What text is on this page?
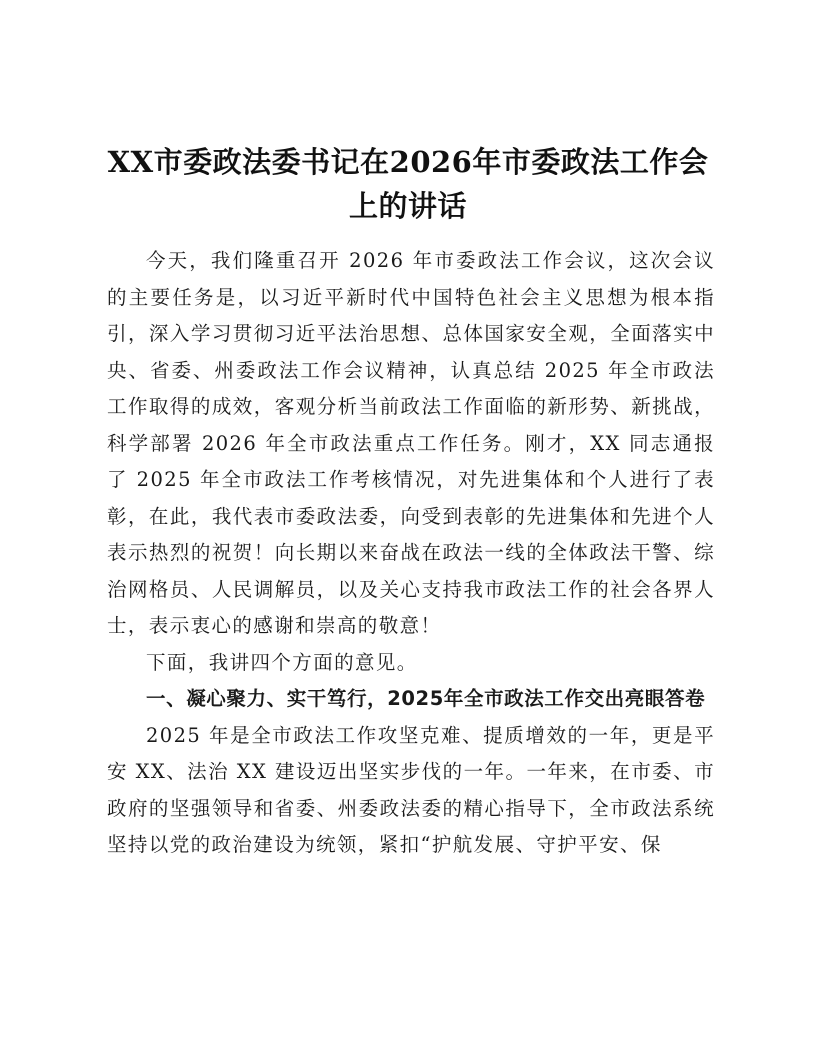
XX市委政法委书记在2026年市委政法工作会上的讲话

今天，我们隆重召开 2026 年市委政法工作会议，这次会议的主要任务是，以习近平新时代中国特色社会主义思想为根本指引，深入学习贯彻习近平法治思想、总体国家安全观，全面落实中央、省委、州委政法工作会议精神，认真总结 2025 年全市政法工作取得的成效，客观分析当前政法工作面临的新形势、新挑战，科学部署 2026 年全市政法重点工作任务。刚才，XX 同志通报了 2025 年全市政法工作考核情况，对先进集体和个人进行了表彰，在此，我代表市委政法委，向受到表彰的先进集体和先进个人表示热烈的祝贺！向长期以来奋战在政法一线的全体政法干警、综治网格员、人民调解员，以及关心支持我市政法工作的社会各界人士，表示衷心的感谢和崇高的敬意！

下面，我讲四个方面的意见。

一、凝心聚力、实干笃行，2025年全市政法工作交出亮眼答卷

2025 年是全市政法工作攻坚克难、提质增效的一年，更是平安 XX、法治 XX 建设迈出坚实步伐的一年。一年来，在市委、市政府的坚强领导和省委、州委政法委的精心指导下，全市政法系统坚持以党的政治建设为统领，紧扣“护航发展、守护平安、保
